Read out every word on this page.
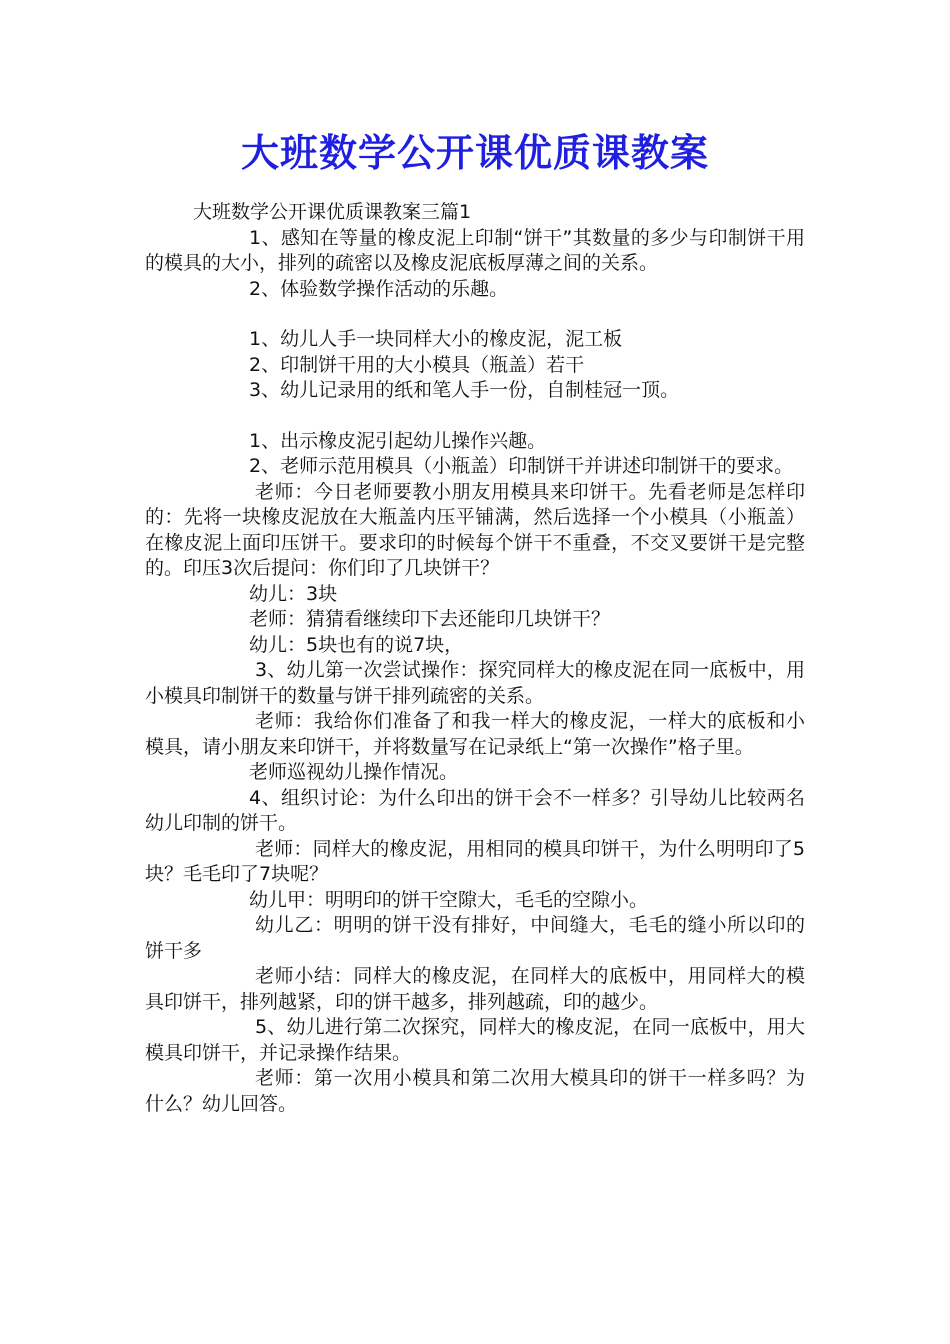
大班数学公开课优质课教案

大班数学公开课优质课教案三篇1

1、感知在等量的橡皮泥上印制“饼干”其数量的多少与印制饼干用的模具的大小，排列的疏密以及橡皮泥底板厚薄之间的关系。

2、体验数学操作活动的乐趣。

1、幼儿人手一块同样大小的橡皮泥，泥工板

2、印制饼干用的大小模具（瓶盖）若干

3、幼儿记录用的纸和笔人手一份，自制桂冠一顶。

1、出示橡皮泥引起幼儿操作兴趣。

2、老师示范用模具（小瓶盖）印制饼干并讲述印制饼干的要求。

老师：今日老师要教小朋友用模具来印饼干。先看老师是怎样印的：先将一块橡皮泥放在大瓶盖内压平铺满，然后选择一个小模具（小瓶盖）在橡皮泥上面印压饼干。要求印的时候每个饼干不重叠，不交叉要饼干是完整的。印压3次后提问：你们印了几块饼干？

幼儿：3块

老师：猜猜看继续印下去还能印几块饼干？

幼儿：5块也有的说7块，

3、幼儿第一次尝试操作：探究同样大的橡皮泥在同一底板中，用小模具印制饼干的数量与饼干排列疏密的关系。

老师：我给你们准备了和我一样大的橡皮泥，一样大的底板和小模具，请小朋友来印饼干，并将数量写在记录纸上“第一次操作”格子里。

老师巡视幼儿操作情况。

4、组织讨论：为什么印出的饼干会不一样多？引导幼儿比较两名幼儿印制的饼干。

老师：同样大的橡皮泥，用相同的模具印饼干，为什么明明印了5块？毛毛印了7块呢？

幼儿甲：明明印的饼干空隙大，毛毛的空隙小。

幼儿乙：明明的饼干没有排好，中间缝大，毛毛的缝小所以印的饼干多

老师小结：同样大的橡皮泥，在同样大的底板中，用同样大的模具印饼干，排列越紧，印的饼干越多，排列越疏，印的越少。

5、幼儿进行第二次探究，同样大的橡皮泥，在同一底板中，用大模具印饼干，并记录操作结果。

老师：第一次用小模具和第二次用大模具印的饼干一样多吗？为什么？幼儿回答。
